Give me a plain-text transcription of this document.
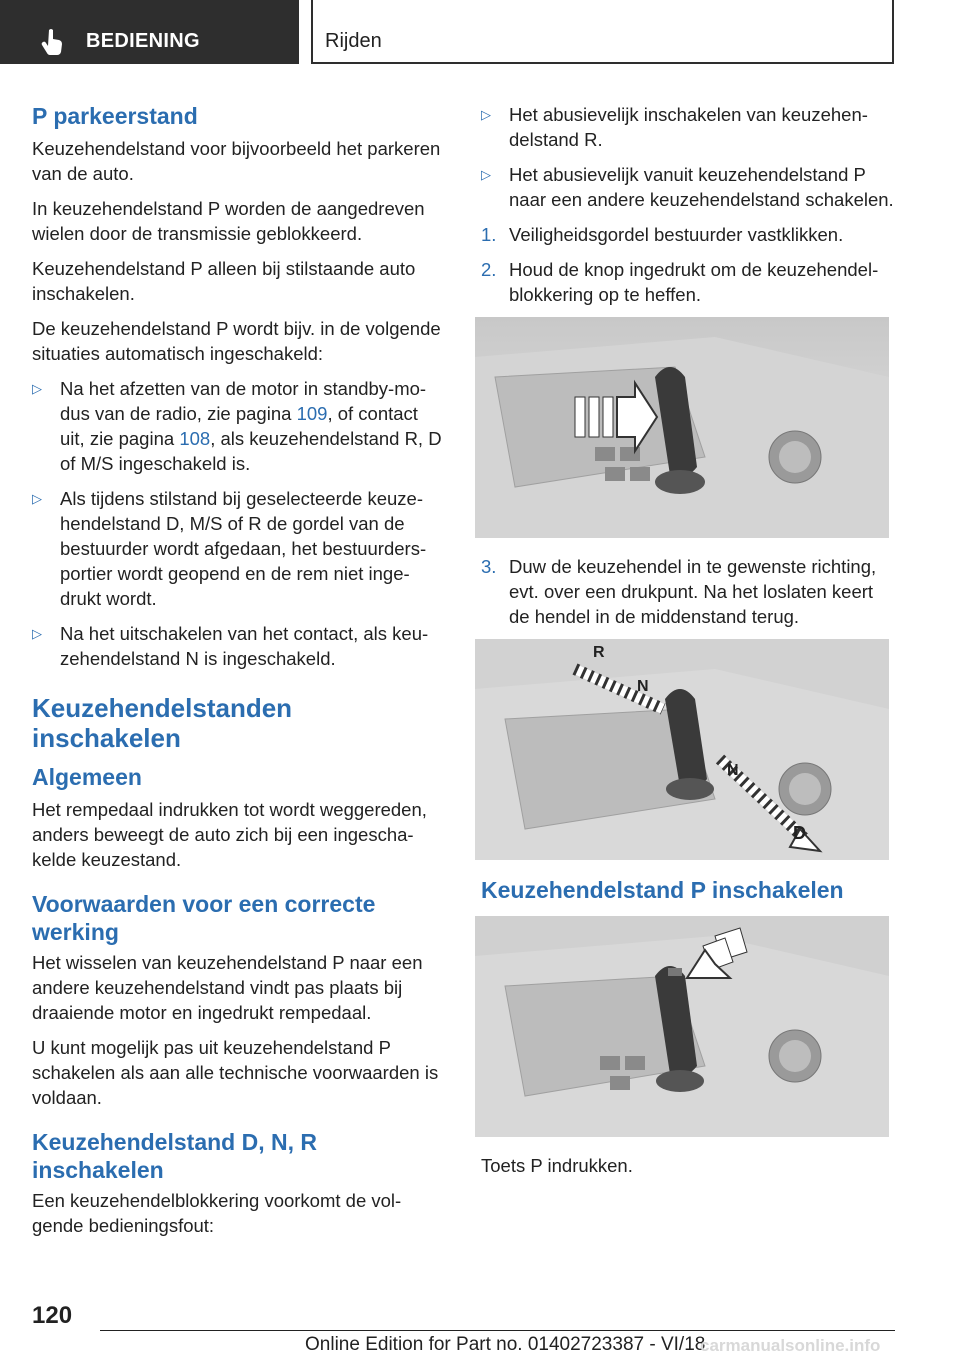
BEDIENING	Rijden
P parkeerstand

Keuzehendelstand voor bijvoorbeeld het parkeren van de auto.

In keuzehendelstand P worden de aangedreven wielen door de transmissie geblokkeerd.

Keuzehendelstand P alleen bij stilstaande auto inschakelen.

De keuzehendelstand P wordt bijv. in de volgende situaties automatisch ingeschakeld:

▷ Na het afzetten van de motor in standby-modus van de radio, zie pagina 109, of contact uit, zie pagina 108, als keuzehendelstand R, D of M/S ingeschakeld is.
▷ Als tijdens stilstand bij geselecteerde keuzehendelstand D, M/S of R de gordel van de bestuurder wordt afgedaan, het bestuurdersportier wordt geopend en de rem niet ingedrukt wordt.
▷ Na het uitschakelen van het contact, als keuzehendelstand N is ingeschakeld.
Keuzehendelstanden inschakelen
Algemeen

Het rempedaal indrukken tot wordt weggereden, anders beweegt de auto zich bij een ingeschakelde keuzestand.

Voorwaarden voor een correcte werking

Het wisselen van keuzehendelstand P naar een andere keuzehendelstand vindt pas plaats bij draaiende motor en ingedrukt rempedaal.

U kunt mogelijk pas uit keuzehendelstand P schakelen als aan alle technische voorwaarden is voldaan.

Keuzehendelstand D, N, R inschakelen

Een keuzehendelblokkering voorkomt de volgende bedieningsfout:

▷ Het abusievelijk inschakelen van keuzehendelstand R.
▷ Het abusievelijk vanuit keuzehendelstand P naar een andere keuzehendelstand schakelen.
1. Veiligheidsgordel bestuurder vastklikken.
2. Houd de knop ingedrukt om de keuzehendelblokkering op te heffen.
3. Duw de keuzehendel in te gewenste richting, evt. over een drukpunt. Na het loslaten keert de hendel in de middenstand terug.
R
N
N
D
Keuzehendelstand P inschakelen

Toets P indrukken.

120
Online Edition for Part no. 01402723387 - VI/18
carmanualsonline.info
